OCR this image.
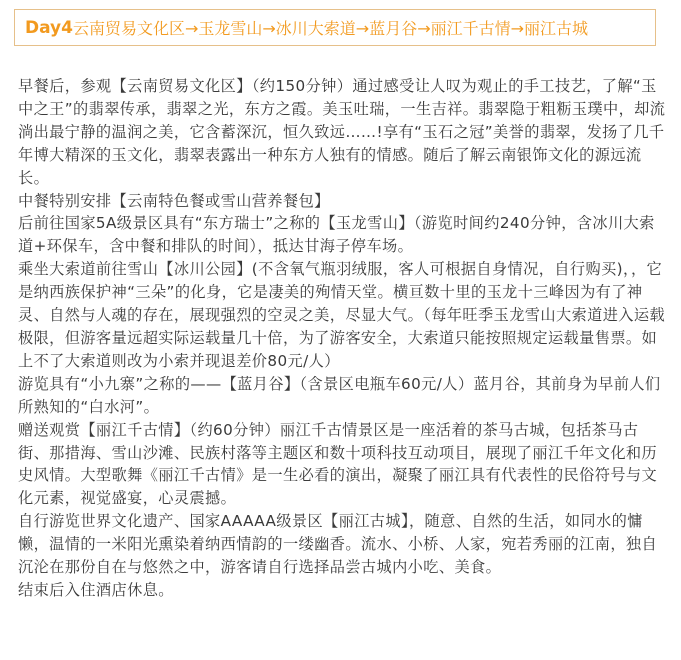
Day4 云南贸易文化区→玉龙雪山→冰川大索道→蓝月谷→丽江千古情→丽江古城

早餐后，参观【云南贸易文化区】（约150分钟）通过感受让人叹为观止的手工技艺，了解“玉中之王”的翡翠传承，翡翠之光，东方之霞。美玉吐瑞，一生吉祥。翡翠隐于粗粝玉璞中，却流淌出最宁静的温润之美，它含蓄深沉，恒久致远……!享有“玉石之冠”美誉的翡翠，发扬了几千年博大精深的玉文化，翡翠表露出一种东方人独有的情感。随后了解云南银饰文化的源远流长。

中餐特别安排【云南特色餐或雪山营养餐包】

后前往国家5A级景区具有“东方瑞士”之称的【玉龙雪山】（游览时间约240分钟，含冰川大索道+环保车，含中餐和排队的时间），抵达甘海子停车场。

乘坐大索道前往雪山【冰川公园】(不含氧气瓶羽绒服，客人可根据自身情况，自行购买)，，它是纳西族保护神“三朵”的化身，它是凄美的殉情天堂。横亘数十里的玉龙十三峰因为有了神灵、自然与人魂的存在，展现强烈的空灵之美，尽显大气。（每年旺季玉龙雪山大索道进入运载极限，但游客量远超实际运载量几十倍，为了游客安全，大索道只能按照规定运载量售票。如上不了大索道则改为小索并现退差价80元/人）

游览具有“小九寨”之称的——【蓝月谷】（含景区电瓶车60元/人）蓝月谷，其前身为早前人们所熟知的“白水河”。

赠送观赏【丽江千古情】（约60分钟）丽江千古情景区是一座活着的茶马古城，包括茶马古街、那措海、雪山沙滩、民族村落等主题区和数十项科技互动项目，展现了丽江千年文化和历史风情。大型歌舞《丽江千古情》是一生必看的演出，凝聚了丽江具有代表性的民俗符号与文化元素，视觉盛宴，心灵震撼。

自行游览世界文化遗产、国家AAAAA级景区【丽江古城】，随意、自然的生活，如同水的慵懒，温情的一米阳光熏染着纳西情韵的一缕幽香。流水、小桥、人家，宛若秀丽的江南，独自沉沦在那份自在与悠然之中，游客请自行选择品尝古城内小吃、美食。

结束后入住酒店休息。
